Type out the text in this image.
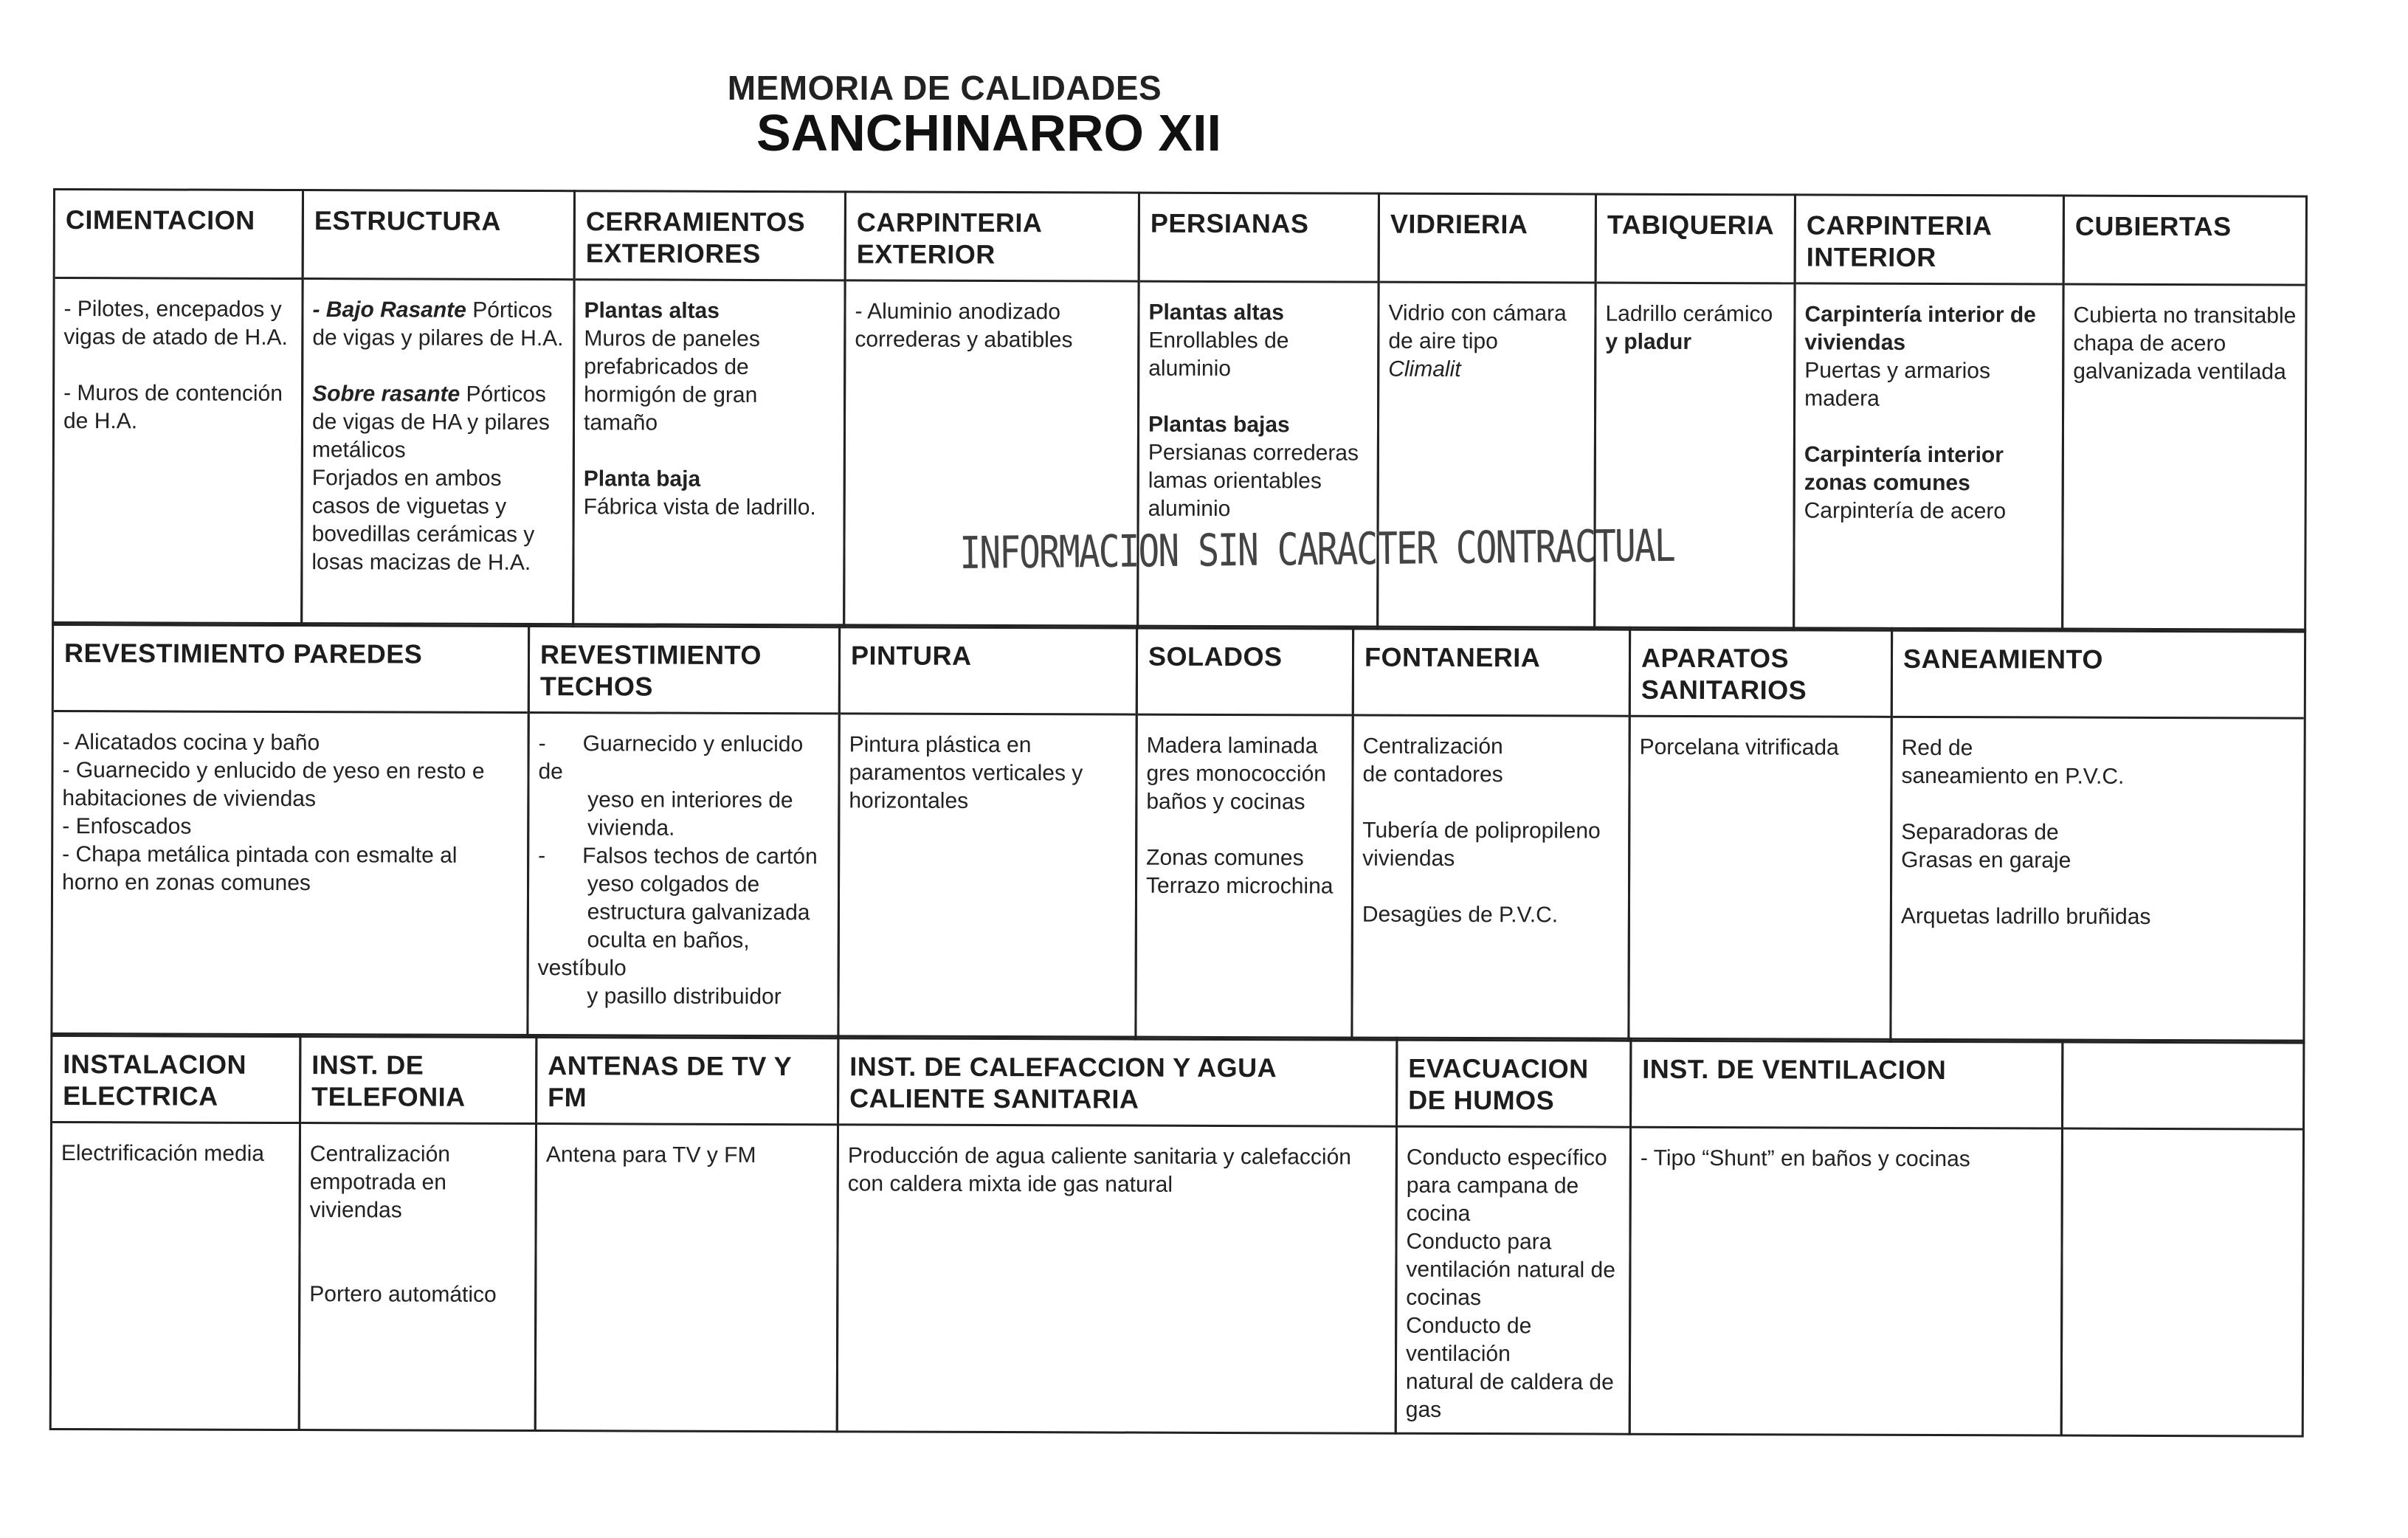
MEMORIA DE CALIDADES
SANCHINARRO XII
CIMENTACION
- Pilotes, encepados y vigas de atado de H.A.

- Muros de contención de H.A.
ESTRUCTURA
- Bajo Rasante Pórticos de vigas y pilares de H.A.

Sobre rasante Pórticos de vigas de HA y pilares metálicos
Forjados en ambos casos de viguetas y bovedillas cerámicas y losas macizas de H.A.
CERRAMIENTOS EXTERIORES
Plantas altas
Muros de paneles prefabricados de hormigón de gran tamaño

Planta baja
Fábrica vista de ladrillo.
CARPINTERIA EXTERIOR
- Aluminio anodizado correderas y abatibles
PERSIANAS
Plantas altas
Enrollables de aluminio

Plantas bajas
Persianas correderas lamas orientables aluminio
VIDRIERIA
Vidrio con cámara de aire tipo
Climalit
TABIQUERIA
Ladrillo cerámico
y pladur
CARPINTERIA INTERIOR
Carpintería interior de viviendas
Puertas y armarios madera

Carpintería interior zonas comunes
Carpintería de acero
CUBIERTAS
Cubierta no transitable chapa de acero galvanizada ventilada
REVESTIMIENTO PAREDES
- Alicatados cocina y baño
- Guarnecido y enlucido de yeso en resto e habitaciones de viviendas
- Enfoscados
- Chapa metálica pintada con esmalte al horno en zonas comunes
REVESTIMIENTO TECHOS
-      Guarnecido y enlucido de
yeso en interiores de
vivienda.
-      Falsos techos de cartón
yeso colgados de
estructura galvanizada
oculta en baños, vestíbulo
y pasillo distribuidor
PINTURA
Pintura plástica en paramentos verticales y horizontales
SOLADOS
Madera laminada
gres monococción
baños y cocinas

Zonas comunes
Terrazo microchina
FONTANERIA
Centralización
de contadores

Tubería de polipropileno
viviendas

Desagües de P.V.C.
APARATOS SANITARIOS
Porcelana vitrificada
SANEAMIENTO
Red de
saneamiento en P.V.C.

Separadoras de
Grasas en garaje

Arquetas ladrillo bruñidas
INSTALACION ELECTRICA
Electrificación media
INST. DE TELEFONIA
Centralización
empotrada en viviendas

Portero automático
ANTENAS DE TV Y FM
Antena para TV y FM
INST. DE CALEFACCION Y AGUA CALIENTE SANITARIA
Producción de agua caliente sanitaria y calefacción con caldera mixta ide gas natural
EVACUACION DE HUMOS
Conducto específico
para campana de
cocina
Conducto para
ventilación natural de
cocinas
Conducto de ventilación
natural de caldera de
gas
INST. DE VENTILACION
- Tipo “Shunt” en baños y cocinas
INFORMACION SIN CARACTER CONTRACTUAL
